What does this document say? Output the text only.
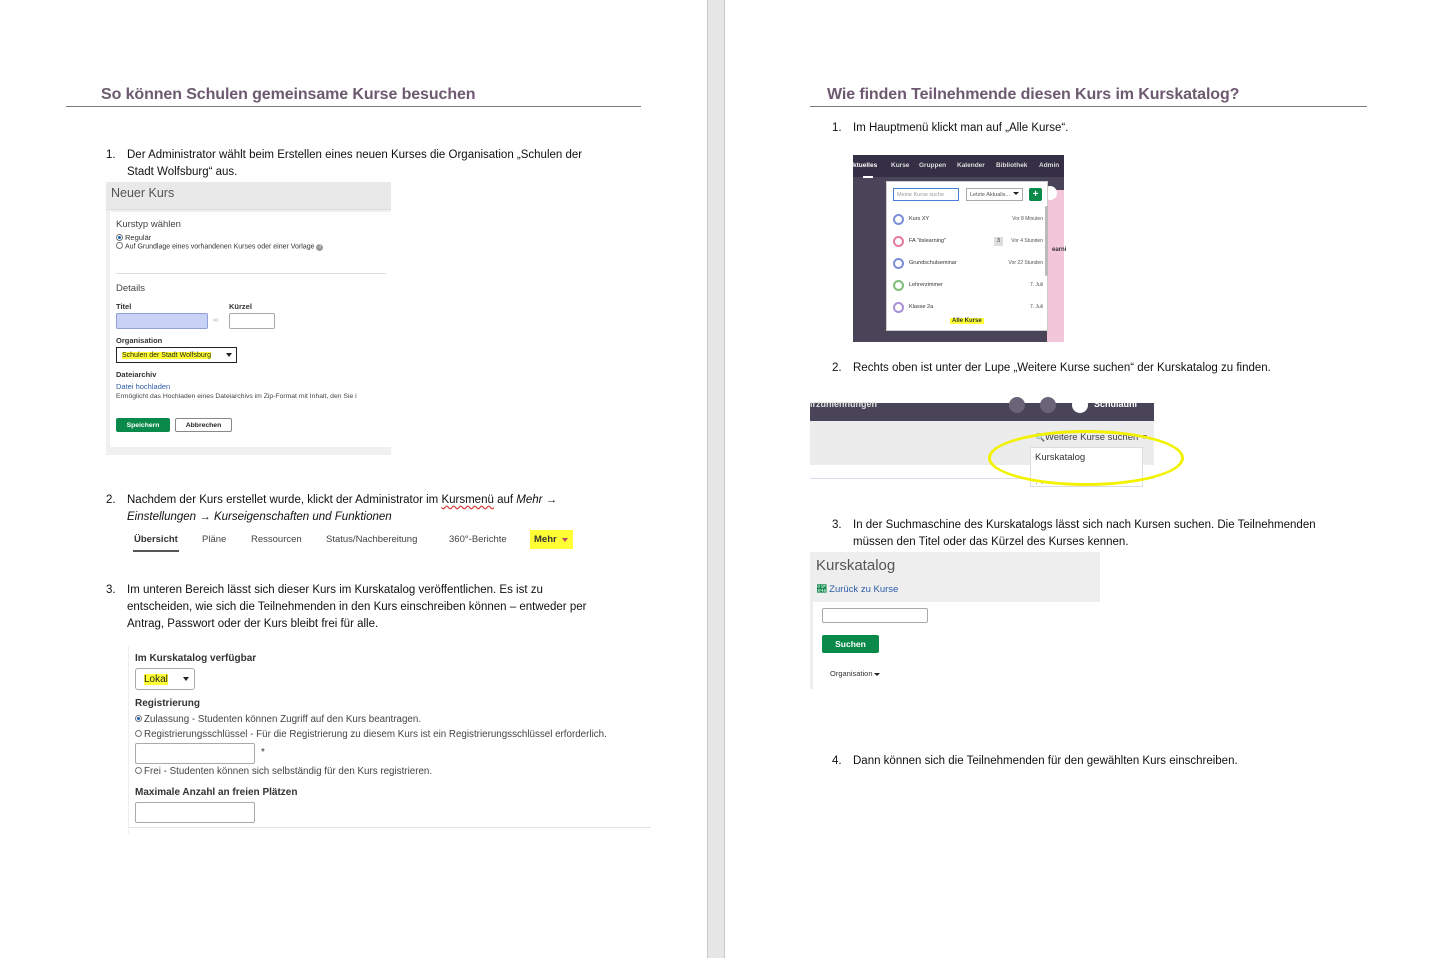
So können Schulen gemeinsame Kurse besuchen
1. Der Administrator wählt beim Erstellen eines neuen Kurses die Organisation „Schulen der
Stadt Wolfsburg“ aus.
Neuer Kurs
Kurstyp wählen
Regulär
Auf Grundlage eines vorhandenen Kurses oder einer Vorlage ?
Details
Titel	Kürzel
∞
Organisation
Schulen der Stadt Wolfsburg
Dateiarchiv
Datei hochladen
Ermöglicht das Hochladen eines Dateiarchivs im Zip-Format mit Inhalt, den Sie i
Speichern	Abbrechen
2. Nachdem der Kurs erstellet wurde, klickt der Administrator im Kursmenü auf Mehr →
Einstellungen → Kurseigenschaften und Funktionen
Übersicht	Pläne	Ressourcen	Status/Nachbereitung	360°-Berichte	Mehr
3. Im unteren Bereich lässt sich dieser Kurs im Kurskatalog veröffentlichen. Es ist zu
entscheiden, wie sich die Teilnehmenden in den Kurs einschreiben können – entweder per
Antrag, Passwort oder der Kurs bleibt frei für alle.
Im Kurskatalog verfügbar
Lokal
Registrierung
Zulassung - Studenten können Zugriff auf den Kurs beantragen.
Registrierungsschlüssel - Für die Registrierung zu diesem Kurs ist ein Registrierungsschlüssel erforderlich.
*
Frei - Studenten können sich selbständig für den Kurs registrieren.
Maximale Anzahl an freien Plätzen
Wie finden Teilnehmende diesen Kurs im Kurskatalog?
1. Im Hauptmenü klickt man auf „Alle Kurse“.
ktuelles Kurse Gruppen Kalender Bibliothek Admin
earni
Meine Kurse suche	Letzte Aktualis...	+
Kurs XY	Vor 8 Minuten
FA "itslearning"	3	Vor 4 Stunden
Grundschulseminar	Vor 22 Stunden
Lehrerzimmer	7. Juli
Klasse 2a	7. Juli
Alle Kurse
2. Rechts oben ist unter der Lupe „Weitere Kurse suchen“ der Kurskatalog zu finden.
ırzuniennungen	Schulauni
🔍Weitere Kurse suchen
Kurskatalog
· ·
3. In der Suchmaschine des Kurskatalogs lässt sich nach Kursen suchen. Die Teilnehmenden
müssen den Titel oder das Kürzel des Kurses kennen.
Kurskatalog
🡈 Zurück zu Kurse
Suchen
Organisation
4. Dann können sich die Teilnehmenden für den gewählten Kurs einschreiben.
